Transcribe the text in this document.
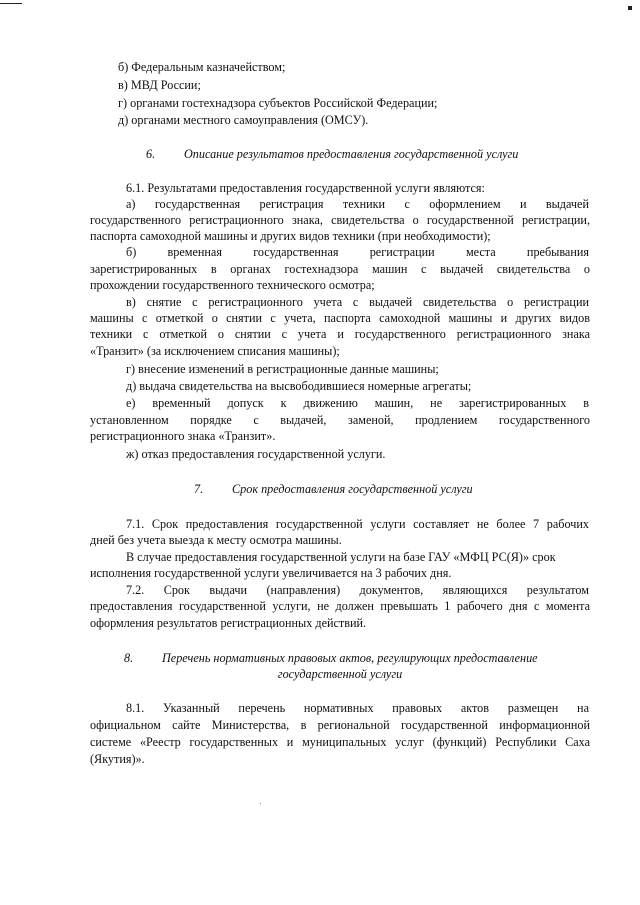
б) Федеральным казначейством;
в) МВД России;
г) органами гостехнадзора субъектов Российской Федерации;
д) органами местного самоуправления (ОМСУ).
6. Описание результатов предоставления государственной услуги
6.1. Результатами предоставления государственной услуги являются:
а) государственная регистрация техники с оформлением и выдачей
государственного регистрационного знака, свидетельства о государственной регистрации,
паспорта самоходной машины и других видов техники (при необходимости);
б) временная государственная регистрации места пребывания
зарегистрированных в органах гостехнадзора машин с выдачей свидетельства о
прохождении государственного технического осмотра;
в) снятие с регистрационного учета с выдачей свидетельства о регистрации
машины с отметкой о снятии с учета, паспорта самоходной машины и других видов
техники с отметкой о снятии с учета и государственного регистрационного знака
«Транзит» (за исключением списания машины);
г) внесение изменений в регистрационные данные машины;
д) выдача свидетельства на высвободившиеся номерные агрегаты;
е) временный допуск к движению машин, не зарегистрированных в
установленном порядке с выдачей, заменой, продлением государственного
регистрационного знака «Транзит».
ж) отказ предоставления государственной услуги.
7. Срок предоставления государственной услуги
7.1. Срок предоставления государственной услуги составляет не более 7 рабочих
дней без учета выезда к месту осмотра машины.
В случае предоставления государственной услуги на базе ГАУ «МФЦ РС(Я)» срок
исполнения государственной услуги увеличивается на 3 рабочих дня.
7.2. Срок выдачи (направления) документов, являющихся результатом
предоставления государственной услуги, не должен превышать 1 рабочего дня с момента
оформления результатов регистрационных действий.
8. Перечень нормативных правовых актов, регулирующих предоставление
государственной услуги
8.1. Указанный перечень нормативных правовых актов размещен на
официальном сайте Министерства, в региональной государственной информационной
системе «Реестр государственных и муниципальных услуг (функций) Республики Саха
(Якутия)».
